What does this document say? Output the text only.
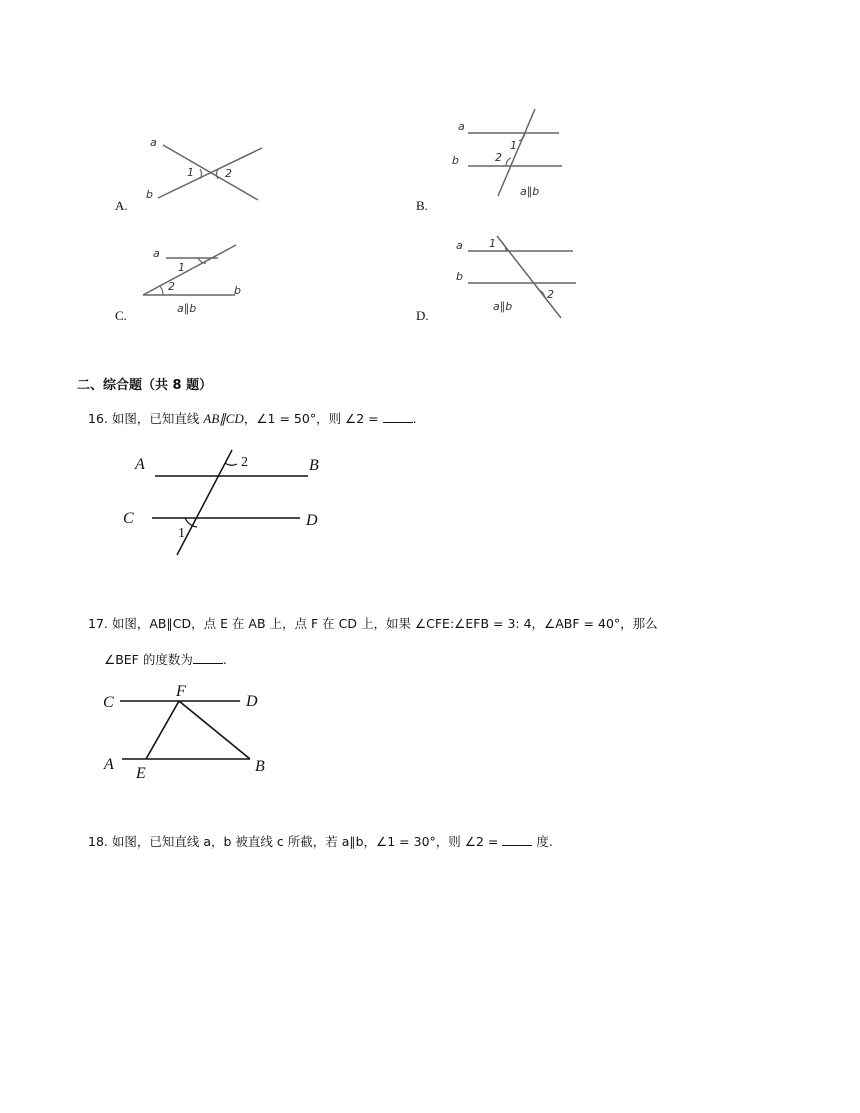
A.
a
b
1	2
B.
a
b
1
2
a∥b
C.
a
b
1
2
a∥b	D.
a
b
1
2
a∥b
二、综合题（共 8 题）
16. 如图，已知直线 AB∥CD，∠1 = 50°，则 ∠2 =	.
A	B
C	D
2
1
17. 如图，AB∥CD，点 E 在 AB 上，点 F 在 CD 上，如果 ∠CFE:∠EFB = 3: 4，∠ABF = 40°，那么
∠BEF 的度数为 .
C
F
D
A
E	B
18. 如图，已知直线 a，b 被直线 c 所截，若 a∥b，∠1 = 30°，则 ∠2 =	度.
